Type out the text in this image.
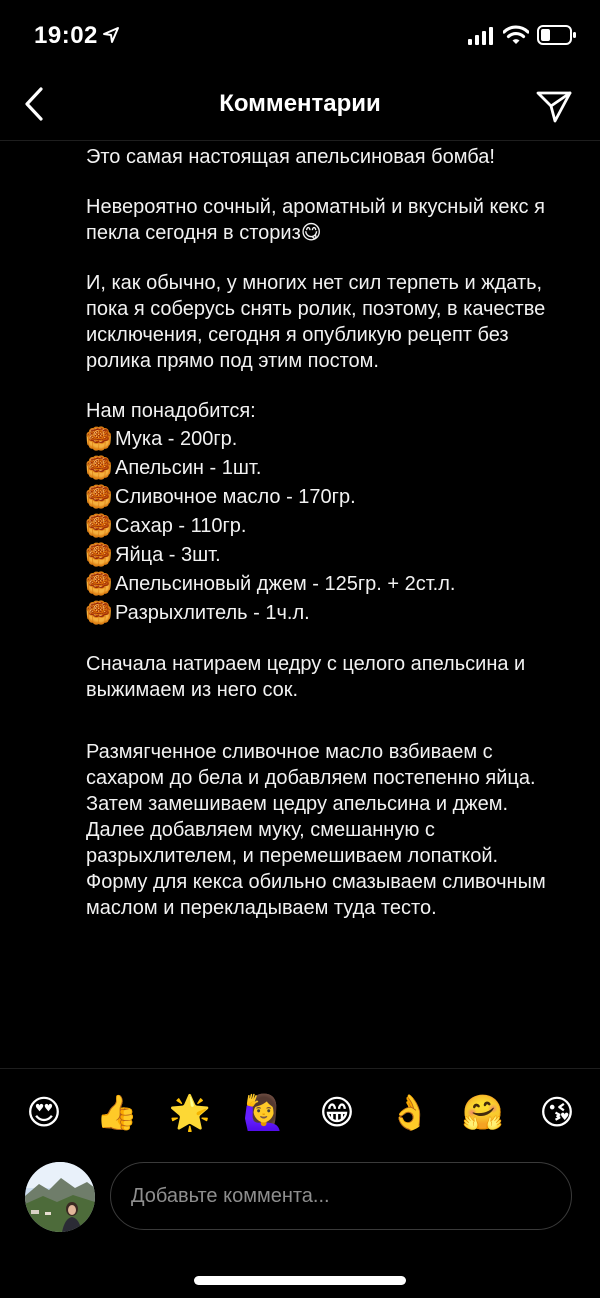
19:02
Комментарии

Это самая настоящая апельсиновая бомба!

Невероятно сочный, ароматный и вкусный кекс я пекла сегодня в сториз😋

И, как обычно, у многих нет сил терпеть и ждать, пока я соберусь снять ролик, поэтому, в качестве исключения, сегодня я опубликую рецепт без ролика прямо под этим постом.

Нам понадобится:

🥮 Мука - 200гр.
🥮 Апельсин - 1шт.
🥮 Сливочное масло - 170гр.
🥮 Сахар - 110гр.
🥮 Яйца - 3шт.
🥮 Апельсиновый джем - 125гр. + 2ст.л.
🥮 Разрыхлитель - 1ч.л.

Сначала натираем цедру с целого апельсина и выжимаем из него сок.

Размягченное сливочное масло взбиваем с сахаром до бела и добавляем постепенно яйца.

Затем замешиваем цедру апельсина и джем.

Далее добавляем муку, смешанную с разрыхлителем, и перемешиваем лопаткой.

Форму для кекса обильно смазываем сливочным маслом и перекладываем туда тесто.

😍 👍 🌟 🙋‍♀️ 😁 👌 🤗 😘
Добавьте коммента...
